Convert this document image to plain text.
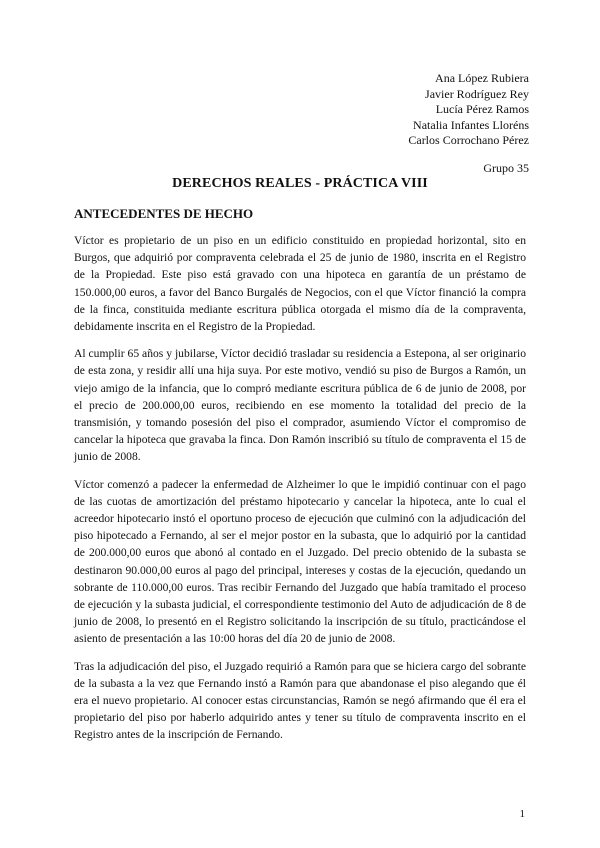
Ana López Rubiera
Javier Rodríguez Rey
Lucía Pérez Ramos
Natalia Infantes Lloréns
Carlos Corrochano Pérez
Grupo 35
DERECHOS REALES - PRÁCTICA VIII
ANTECEDENTES DE HECHO

Víctor es propietario de un piso en un edificio constituido en propiedad horizontal, sito en Burgos, que adquirió por compraventa celebrada el 25 de junio de 1980, inscrita en el Registro de la Propiedad. Este piso está gravado con una hipoteca en garantía de un préstamo de 150.000,00 euros, a favor del Banco Burgalés de Negocios, con el que Víctor financió la compra de la finca, constituida mediante escritura pública otorgada el mismo día de la compraventa, debidamente inscrita en el Registro de la Propiedad.

Al cumplir 65 años y jubilarse, Víctor decidió trasladar su residencia a Estepona, al ser originario de esta zona, y residir allí una hija suya. Por este motivo, vendió su piso de Burgos a Ramón, un viejo amigo de la infancia, que lo compró mediante escritura pública de 6 de junio de 2008, por el precio de 200.000,00 euros, recibiendo en ese momento la totalidad del precio de la transmisión, y tomando posesión del piso el comprador, asumiendo Víctor el compromiso de cancelar la hipoteca que gravaba la finca. Don Ramón inscribió su título de compraventa el 15 de junio de 2008.

Víctor comenzó a padecer la enfermedad de Alzheimer lo que le impidió continuar con el pago de las cuotas de amortización del préstamo hipotecario y cancelar la hipoteca, ante lo cual el acreedor hipotecario instó el oportuno proceso de ejecución que culminó con la adjudicación del piso hipotecado a Fernando, al ser el mejor postor en la subasta, que lo adquirió por la cantidad de 200.000,00 euros que abonó al contado en el Juzgado. Del precio obtenido de la subasta se destinaron 90.000,00 euros al pago del principal, intereses y costas de la ejecución, quedando un sobrante de 110.000,00 euros. Tras recibir Fernando del Juzgado que había tramitado el proceso de ejecución y la subasta judicial, el correspondiente testimonio del Auto de adjudicación de 8 de junio de 2008, lo presentó en el Registro solicitando la inscripción de su título, practicándose el asiento de presentación a las 10:00 horas del día 20 de junio de 2008.

Tras la adjudicación del piso, el Juzgado requirió a Ramón para que se hiciera cargo del sobrante de la subasta a la vez que Fernando instó a Ramón para que abandonase el piso alegando que él era el nuevo propietario. Al conocer estas circunstancias, Ramón se negó afirmando que él era el propietario del piso por haberlo adquirido antes y tener su título de compraventa inscrito en el Registro antes de la inscripción de Fernando.

1
